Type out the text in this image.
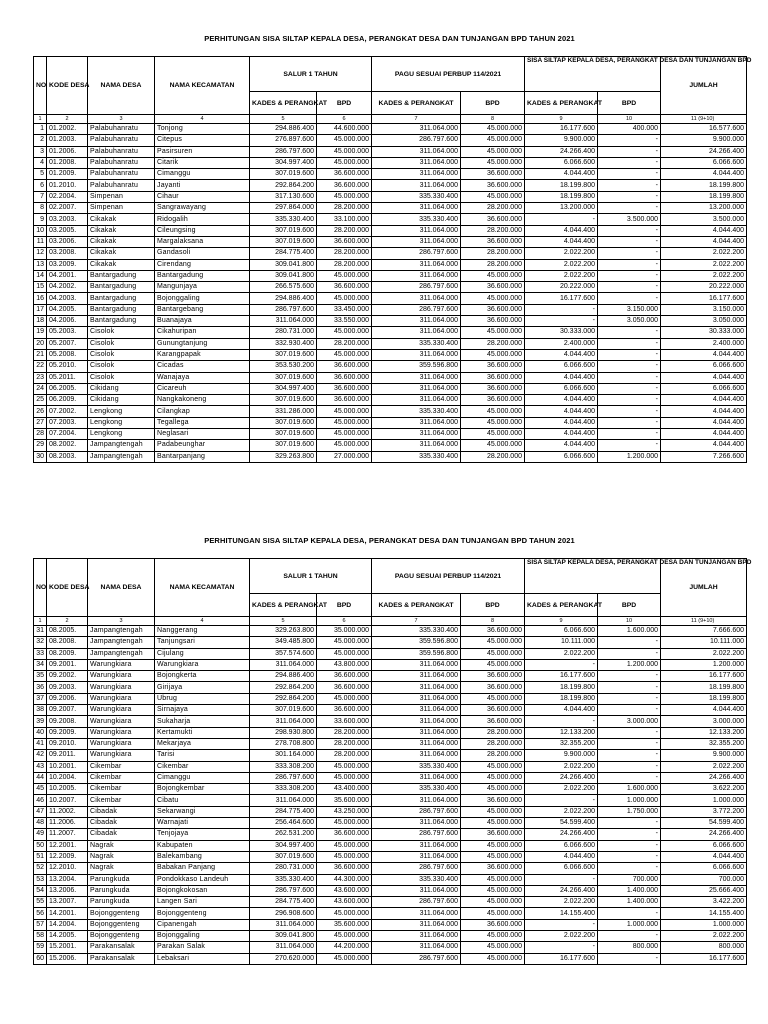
PERHITUNGAN SISA SILTAP KEPALA DESA, PERANGKAT DESA DAN TUNJANGAN BPD TAHUN 2021
NO	KODE DESA	NAMA DESA	NAMA KECAMATAN	SALUR 1 TAHUN		PAGU SESUAI PERBUP 114/2021		SISA SILTAP KEPALA DESA, PERANGKAT DESA DAN TUNJANGAN BPD		JUMLAH
				KADES & PERANGKAT	BPD	KADES & PERANGKAT	BPD	KADES & PERANGKAT	BPD	
1	2	3	4	5	6	7	8	9	10	11 (9+10)
1	01.2002.	Palabuhanratu	Tonjong	294.886.400	44.600.000	311.064.000	45.000.000	16.177.600	400.000	16.577.600
2	01.2003.	Palabuhanratu	Citepus	276.897.600	45.000.000	286.797.600	45.000.000	9.900.000	-	9.900.000
3	01.2006.	Palabuhanratu	Pasirsuren	286.797.600	45.000.000	311.064.000	45.000.000	24.266.400	-	24.266.400
4	01.2008.	Palabuhanratu	Citarik	304.997.400	45.000.000	311.064.000	45.000.000	6.066.600	-	6.066.600
5	01.2009.	Palabuhanratu	Cimanggu	307.019.600	36.600.000	311.064.000	36.600.000	4.044.400	-	4.044.400
6	01.2010.	Palabuhanratu	Jayanti	292.864.200	36.600.000	311.064.000	36.600.000	18.199.800	-	18.199.800
7	02.2004.	Simpenan	Cihaur	317.130.600	45.000.000	335.330.400	45.000.000	18.199.800	-	18.199.800
8	02.2007.	Simpenan	Sangrawayang	297.864.000	28.200.000	311.064.000	28.200.000	13.200.000	-	13.200.000
9	03.2003.	Cikakak	Ridogalih	335.330.400	33.100.000	335.330.400	36.600.000	-	3.500.000	3.500.000
10	03.2005.	Cikakak	Cileungsing	307.019.600	28.200.000	311.064.000	28.200.000	4.044.400	-	4.044.400
11	03.2006.	Cikakak	Margalaksana	307.019.600	36.600.000	311.064.000	36.600.000	4.044.400	-	4.044.400
12	03.2008.	Cikakak	Gandasoli	284.775.400	28.200.000	286.797.600	28.200.000	2.022.200	-	2.022.200
13	03.2009.	Cikakak	Cirendang	309.041.800	28.200.000	311.064.000	28.200.000	2.022.200	-	2.022.200
14	04.2001.	Bantargadung	Bantargadung	309.041.800	45.000.000	311.064.000	45.000.000	2.022.200	-	2.022.200
15	04.2002.	Bantargadung	Mangunjaya	266.575.600	36.600.000	286.797.600	36.600.000	20.222.000	-	20.222.000
16	04.2003.	Bantargadung	Bojonggaling	294.886.400	45.000.000	311.064.000	45.000.000	16.177.600	-	16.177.600
17	04.2005.	Bantargadung	Bantargebang	286.797.600	33.450.000	286.797.600	36.600.000	-	3.150.000	3.150.000
18	04.2006.	Bantargadung	Buanajaya	311.064.000	33.550.000	311.064.000	36.600.000	-	3.050.000	3.050.000
19	05.2003.	Cisolok	Cikahuripan	280.731.000	45.000.000	311.064.000	45.000.000	30.333.000	-	30.333.000
20	05.2007.	Cisolok	Gunungtanjung	332.930.400	28.200.000	335.330.400	28.200.000	2.400.000	-	2.400.000
21	05.2008.	Cisolok	Karangpapak	307.019.600	45.000.000	311.064.000	45.000.000	4.044.400	-	4.044.400
22	05.2010.	Cisolok	Cicadas	353.530.200	36.600.000	359.596.800	36.600.000	6.066.600	-	6.066.600
23	05.2011.	Cisolok	Wanajaya	307.019.600	36.600.000	311.064.000	36.600.000	4.044.400	-	4.044.400
24	06.2005.	Cikidang	Cicareuh	304.997.400	36.600.000	311.064.000	36.600.000	6.066.600	-	6.066.600
25	06.2009.	Cikidang	Nangkakoneng	307.019.600	36.600.000	311.064.000	36.600.000	4.044.400	-	4.044.400
26	07.2002.	Lengkong	Cilangkap	331.286.000	45.000.000	335.330.400	45.000.000	4.044.400	-	4.044.400
27	07.2003.	Lengkong	Tegallega	307.019.600	45.000.000	311.064.000	45.000.000	4.044.400	-	4.044.400
28	07.2004.	Lengkong	Neglasari	307.019.600	45.000.000	311.064.000	45.000.000	4.044.400	-	4.044.400
29	08.2002.	Jampangtengah	Padabeunghar	307.019.600	45.000.000	311.064.000	45.000.000	4.044.400	-	4.044.400
30	08.2003.	Jampangtengah	Bantarpanjang	329.263.800	27.000.000	335.330.400	28.200.000	6.066.600	1.200.000	7.266.600
PERHITUNGAN SISA SILTAP KEPALA DESA, PERANGKAT DESA DAN TUNJANGAN BPD TAHUN 2021
NO	KODE DESA	NAMA DESA	NAMA KECAMATAN	SALUR 1 TAHUN		PAGU SESUAI PERBUP 114/2021		SISA SILTAP KEPALA DESA, PERANGKAT DESA DAN TUNJANGAN BPD		JUMLAH
				KADES & PERANGKAT	BPD	KADES & PERANGKAT	BPD	KADES & PERANGKAT	BPD	
1	2	3	4	5	6	7	8	9	10	11 (9+10)
31	08.2005.	Jampangtengah	Nanggerang	329.263.800	35.000.000	335.330.400	36.600.000	6.066.600	1.600.000	7.666.600
32	08.2008.	Jampangtengah	Tanjungsari	349.485.800	45.000.000	359.596.800	45.000.000	10.111.000	-	10.111.000
33	08.2009.	Jampangtengah	Cijulang	357.574.600	45.000.000	359.596.800	45.000.000	2.022.200	-	2.022.200
34	09.2001.	Warungkiara	Warungkiara	311.064.000	43.800.000	311.064.000	45.000.000	-	1.200.000	1.200.000
35	09.2002.	Warungkiara	Bojongkerta	294.886.400	36.600.000	311.064.000	36.600.000	16.177.600	-	16.177.600
36	09.2003.	Warungkiara	Girijaya	292.864.200	36.600.000	311.064.000	36.600.000	18.199.800	-	18.199.800
37	09.2006.	Warungkiara	Ubrug	292.864.200	45.000.000	311.064.000	45.000.000	18.199.800	-	18.199.800
38	09.2007.	Warungkiara	Sirnajaya	307.019.600	36.600.000	311.064.000	36.600.000	4.044.400	-	4.044.400
39	09.2008.	Warungkiara	Sukaharja	311.064.000	33.600.000	311.064.000	36.600.000	-	3.000.000	3.000.000
40	09.2009.	Warungkiara	Kertamukti	298.930.800	28.200.000	311.064.000	28.200.000	12.133.200	-	12.133.200
41	09.2010.	Warungkiara	Mekarjaya	278.708.800	28.200.000	311.064.000	28.200.000	32.355.200	-	32.355.200
42	09.2011.	Warungkiara	Tarisi	301.164.000	28.200.000	311.064.000	28.200.000	9.900.000	-	9.900.000
43	10.2001.	Cikembar	Cikembar	333.308.200	45.000.000	335.330.400	45.000.000	2.022.200	-	2.022.200
44	10.2004.	Cikembar	Cimanggu	286.797.600	45.000.000	311.064.000	45.000.000	24.266.400	-	24.266.400
45	10.2005.	Cikembar	Bojongkembar	333.308.200	43.400.000	335.330.400	45.000.000	2.022.200	1.600.000	3.622.200
46	10.2007.	Cikembar	Cibatu	311.064.000	35.600.000	311.064.000	36.600.000	-	1.000.000	1.000.000
47	11.2002.	Cibadak	Sekarwangi	284.775.400	43.250.000	286.797.600	45.000.000	2.022.200	1.750.000	3.772.200
48	11.2006.	Cibadak	Warnajati	256.464.600	45.000.000	311.064.000	45.000.000	54.599.400	-	54.599.400
49	11.2007.	Cibadak	Tenjojaya	262.531.200	36.600.000	286.797.600	36.600.000	24.266.400	-	24.266.400
50	12.2001.	Nagrak	Kabupaten	304.997.400	45.000.000	311.064.000	45.000.000	6.066.600	-	6.066.600
51	12.2009.	Nagrak	Balekambang	307.019.600	45.000.000	311.064.000	45.000.000	4.044.400	-	4.044.400
52	12.2010.	Nagrak	Babakan Panjang	280.731.000	36.600.000	286.797.600	36.600.000	6.066.600	-	6.066.600
53	13.2004.	Parungkuda	Pondokkaso Landeuh	335.330.400	44.300.000	335.330.400	45.000.000	-	700.000	700.000
54	13.2006.	Parungkuda	Bojongkokosan	286.797.600	43.600.000	311.064.000	45.000.000	24.266.400	1.400.000	25.666.400
55	13.2007.	Parungkuda	Langen Sari	284.775.400	43.600.000	286.797.600	45.000.000	2.022.200	1.400.000	3.422.200
56	14.2001.	Bojonggenteng	Bojonggenteng	296.908.600	45.000.000	311.064.000	45.000.000	14.155.400	-	14.155.400
57	14.2004.	Bojonggenteng	Cipanengah	311.064.000	35.600.000	311.064.000	36.600.000	-	1.000.000	1.000.000
58	14.2005.	Bojonggenteng	Bojonggaling	309.041.800	45.000.000	311.064.000	45.000.000	2.022.200	-	2.022.200
59	15.2001.	Parakansalak	Parakan Salak	311.064.000	44.200.000	311.064.000	45.000.000	-	800.000	800.000
60	15.2006.	Parakansalak	Lebaksari	270.620.000	45.000.000	286.797.600	45.000.000	16.177.600	-	16.177.600
